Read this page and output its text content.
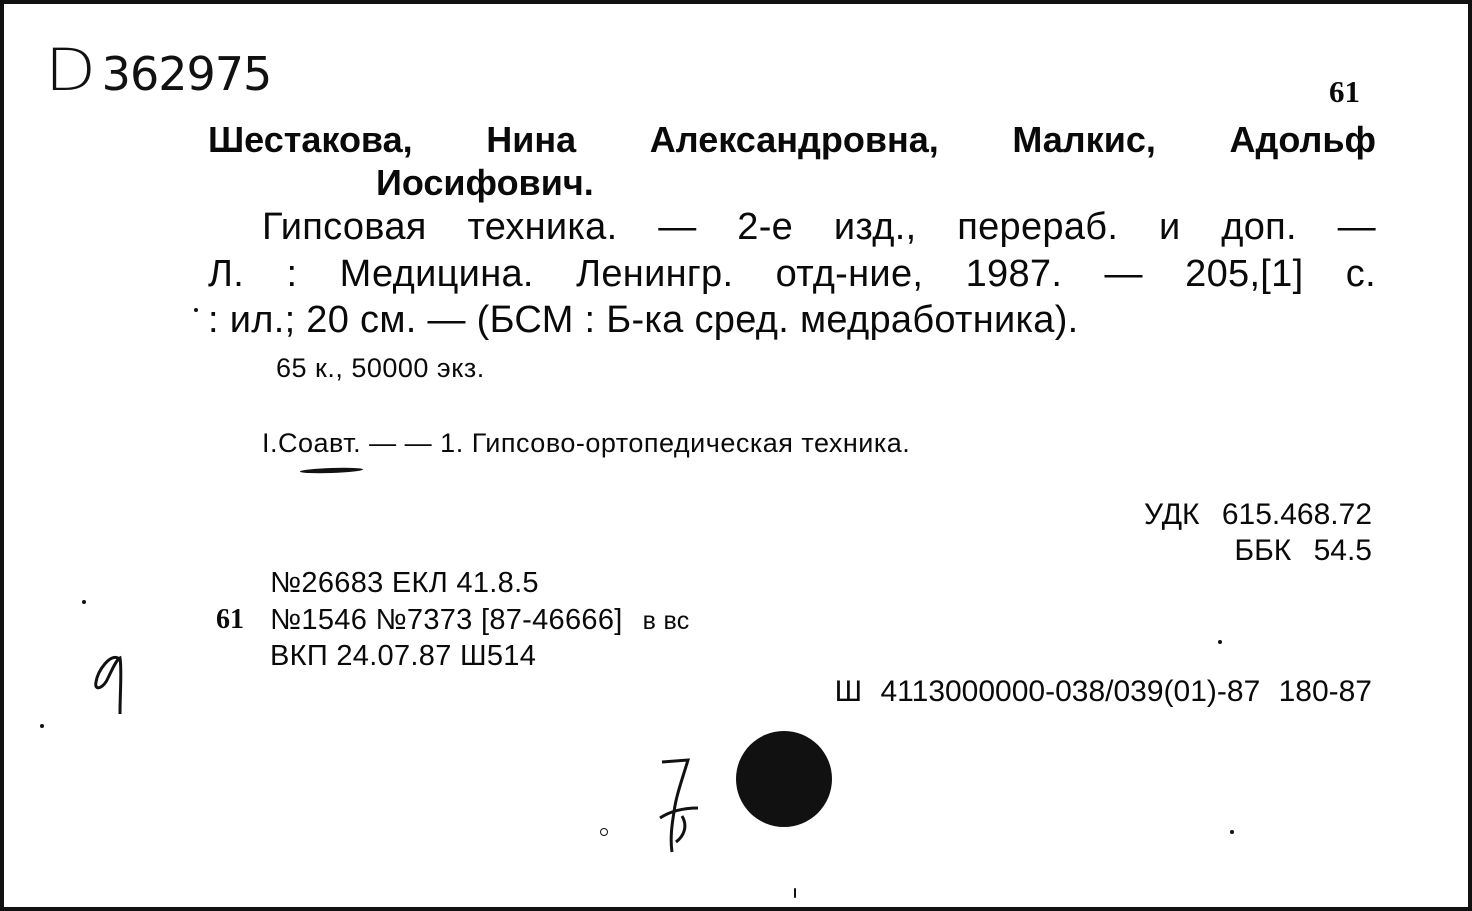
D 362975	61
Шестакова, Нина Александровна, Малкис, Адольф
Иосифович.
Гипсовая техника. — 2-е изд., перераб. и доп. —
Л. : Медицина. Ленингр. отд-ние, 1987. — 205,[1] с.
: ил.; 20 см. — (БСМ : Б-ка сред. медработника).
65 к., 50000 экз.
I.Соавт. — — 1. Гипсово-ортопедическая техника.
УДК 615.468.72
ББК 54.5
№26683 ЕКЛ 41.8.5
61 №1546 №7373 [87-46666] в вс
ВКП 24.07.87 Ш514
Ш 4113000000-038/039(01)-87 180-87
